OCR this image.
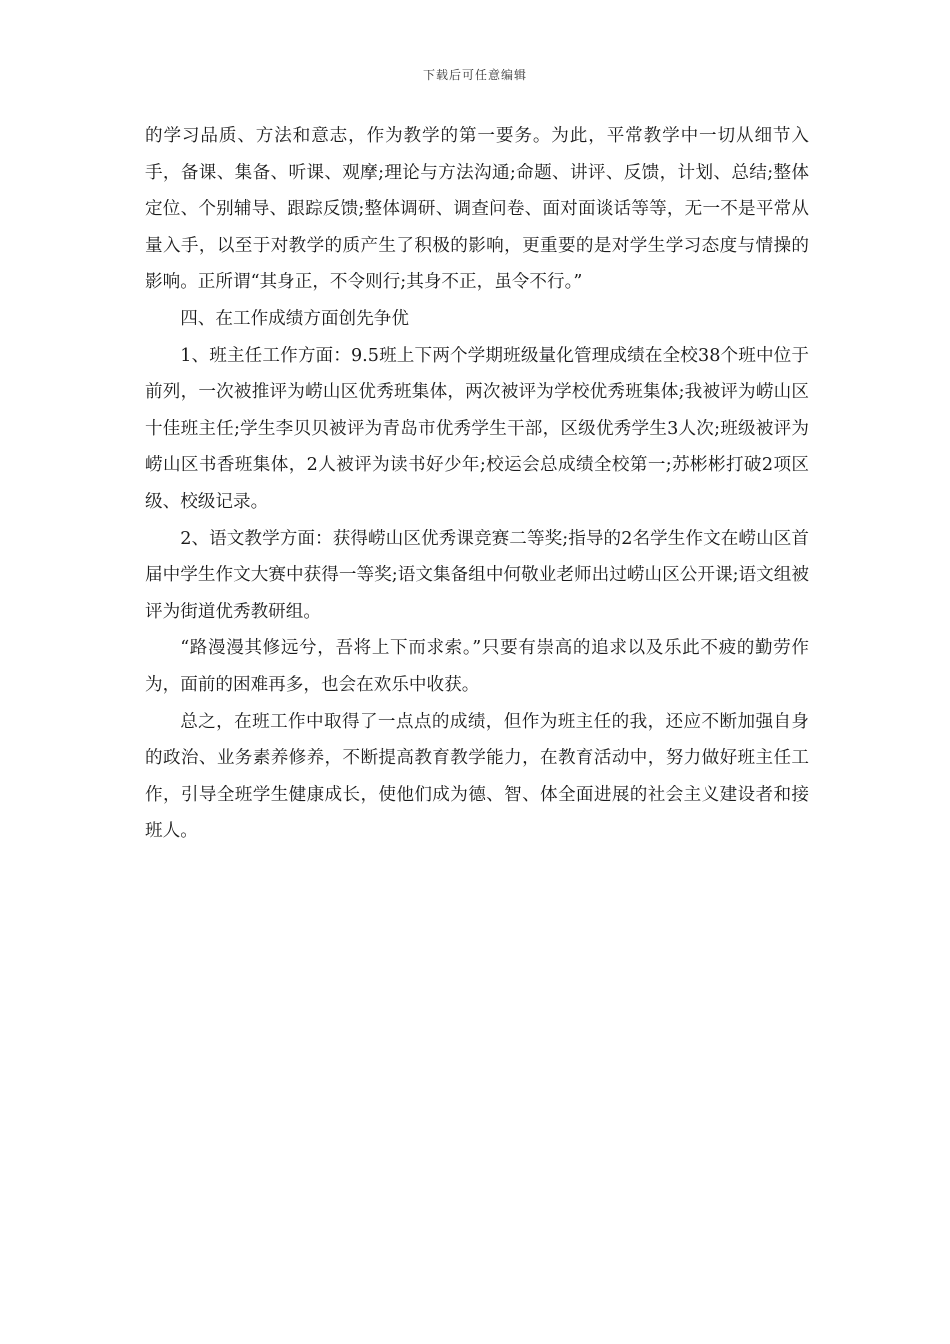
下载后可任意编辑

的学习品质、方法和意志，作为教学的第一要务。为此，平常教学中一切从细节入手，备课、集备、听课、观摩;理论与方法沟通;命题、讲评、反馈，计划、总结;整体定位、个别辅导、跟踪反馈;整体调研、调查问卷、面对面谈话等等，无一不是平常从量入手，以至于对教学的质产生了积极的影响，更重要的是对学生学习态度与情操的影响。正所谓“其身正，不令则行;其身不正，虽令不行。”

四、在工作成绩方面创先争优

1、班主任工作方面：9.5班上下两个学期班级量化管理成绩在全校38个班中位于前列，一次被推评为崂山区优秀班集体，两次被评为学校优秀班集体;我被评为崂山区十佳班主任;学生李贝贝被评为青岛市优秀学生干部，区级优秀学生3人次;班级被评为崂山区书香班集体，2人被评为读书好少年;校运会总成绩全校第一;苏彬彬打破2项区级、校级记录。

2、语文教学方面：获得崂山区优秀课竞赛二等奖;指导的2名学生作文在崂山区首届中学生作文大赛中获得一等奖;语文集备组中何敬业老师出过崂山区公开课;语文组被评为街道优秀教研组。

“路漫漫其修远兮，吾将上下而求索。”只要有崇高的追求以及乐此不疲的勤劳作为，面前的困难再多，也会在欢乐中收获。

总之，在班工作中取得了一点点的成绩，但作为班主任的我，还应不断加强自身的政治、业务素养修养，不断提高教育教学能力，在教育活动中，努力做好班主任工作，引导全班学生健康成长，使他们成为德、智、体全面进展的社会主义建设者和接班人。
